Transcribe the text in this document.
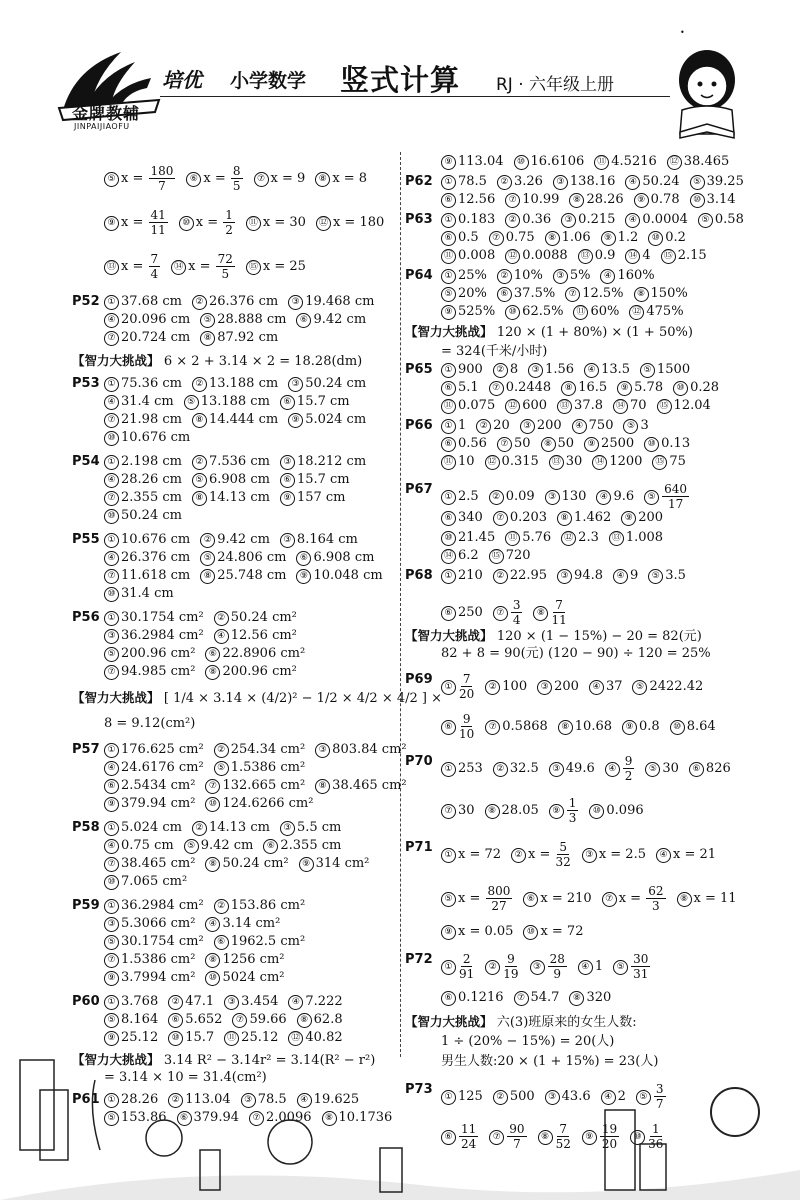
•
金牌教辅
JINPAIJIAOFU
培优 小学数学 竖式计算 RJ · 六年级上册
⑤ $x = \frac{180}{7}$ ⑥ $x = \frac{8}{5}$ ⑦ x = 9 ⑧ x = 8
⑨ $x = \frac{41}{11}$ ⑩ $x = \frac{1}{2}$ ⑪ x = 30 ⑫ x = 180
⑬ $x = \frac{7}{4}$ ⑭ $x = \frac{72}{5}$ ⑮ x = 25
P52 ① 37.68 cm ② 26.376 cm ③ 19.468 cm
④ 20.096 cm ⑤ 28.888 cm ⑥ 9.42 cm
⑦ 20.724 cm ⑧ 87.92 cm
【智力大挑战】 6 × 2 + 3.14 × 2 = 18.28(dm)
P53 ① 75.36 cm ② 13.188 cm ③ 50.24 cm
④ 31.4 cm ⑤ 13.188 cm ⑥ 15.7 cm
⑦ 21.98 cm ⑧ 14.444 cm ⑨ 5.024 cm
⑩ 10.676 cm
P54 ① 2.198 cm ② 7.536 cm ③ 18.212 cm
④ 28.26 cm ⑤ 6.908 cm ⑥ 15.7 cm
⑦ 2.355 cm ⑧ 14.13 cm ⑨ 157 cm
⑩ 50.24 cm
P55 ① 10.676 cm ② 9.42 cm ③ 8.164 cm
④ 26.376 cm ⑤ 24.806 cm ⑥ 6.908 cm
⑦ 11.618 cm ⑧ 25.748 cm ⑨ 10.048 cm
⑩ 31.4 cm
P56 ① 30.1754 cm² ② 50.24 cm²
③ 36.2984 cm² ④ 12.56 cm²
⑤ 200.96 cm² ⑥ 22.8906 cm²
⑦ 94.985 cm² ⑧ 200.96 cm²
【智力大挑战】 [ 1/4 × 3.14 × (4/2)² − 1/2 × 4/2 × 4/2 ] ×
8 = 9.12(cm²)
P57 ① 176.625 cm² ② 254.34 cm² ③ 803.84 cm²
④ 24.6176 cm² ⑤ 1.5386 cm²
⑥ 2.5434 cm² ⑦ 132.665 cm² ⑧ 38.465 cm²
⑨ 379.94 cm² ⑩ 124.6266 cm²
P58 ① 5.024 cm ② 14.13 cm ③ 5.5 cm
④ 0.75 cm ⑤ 9.42 cm ⑥ 2.355 cm
⑦ 38.465 cm² ⑧ 50.24 cm² ⑨ 314 cm²
⑩ 7.065 cm²
P59 ① 36.2984 cm² ② 153.86 cm²
③ 5.3066 cm² ④ 3.14 cm²
⑤ 30.1754 cm² ⑥ 1962.5 cm²
⑦ 1.5386 cm² ⑧ 1256 cm²
⑨ 3.7994 cm² ⑩ 5024 cm²
P60 ① 3.768 ② 47.1 ③ 3.454 ④ 7.222
⑤ 8.164 ⑥ 5.652 ⑦ 59.66 ⑧ 62.8
⑨ 25.12 ⑩ 15.7 ⑪ 25.12 ⑫ 40.82
【智力大挑战】 3.14 R² − 3.14r² = 3.14(R² − r²)
= 3.14 × 10 = 31.4(cm²)
P61 ① 28.26 ② 113.04 ③ 78.5 ④ 19.625
⑤ 153.86 ⑥ 379.94 ⑦ 2.0096 ⑧ 10.1736
⑨ 113.04 ⑩ 16.6106 ⑪ 4.5216 ⑫ 38.465
P62 ① 78.5 ② 3.26 ③ 138.16 ④ 50.24 ⑤ 39.25
⑥ 12.56 ⑦ 10.99 ⑧ 28.26 ⑨ 0.78 ⑩ 3.14
P63 ① 0.183 ② 0.36 ③ 0.215 ④ 0.0004 ⑤ 0.58
⑥ 0.5 ⑦ 0.75 ⑧ 1.06 ⑨ 1.2 ⑩ 0.2
⑪ 0.008 ⑫ 0.0088 ⑬ 0.9 ⑭ 4 ⑮ 2.15
P64 ① 25% ② 10% ③ 5% ④ 160%
⑤ 20% ⑥ 37.5% ⑦ 12.5% ⑧ 150%
⑨ 525% ⑩ 62.5% ⑪ 60% ⑫ 475%
【智力大挑战】 120 × (1 + 80%) × (1 + 50%)
= 324(千米/小时)
P65 ① 900 ② 8 ③ 1.56 ④ 13.5 ⑤ 1500
⑥ 5.1 ⑦ 0.2448 ⑧ 16.5 ⑨ 5.78 ⑩ 0.28
⑪ 0.075 ⑫ 600 ⑬ 37.8 ⑭ 70 ⑮ 12.04
P66 ① 1 ② 20 ③ 200 ④ 750 ⑤ 3
⑥ 0.56 ⑦ 50 ⑧ 50 ⑨ 2500 ⑩ 0.13
⑪ 10 ⑫ 0.315 ⑬ 30 ⑭ 1200 ⑮ 75
P67 ① 2.5 ② 0.09 ③ 130 ④ 9.6 ⑤ $\frac{640}{17}$
⑥ 340 ⑦ 0.203 ⑧ 1.462 ⑨ 200
⑩ 21.45 ⑪ 5.76 ⑫ 2.3 ⑬ 1.008
⑭ 6.2 ⑮ 720
P68 ① 210 ② 22.95 ③ 94.8 ④ 9 ⑤ 3.5
⑥ 250 ⑦ $\frac{3}{4}$ ⑧ $\frac{7}{11}$
【智力大挑战】 120 × (1 − 15%) − 20 = 82(元)
82 + 8 = 90(元) (120 − 90) ÷ 120 = 25%
P69 ① $\frac{7}{20}$ ② 100 ③ 200 ④ 37 ⑤ 2422.42
⑥ $\frac{9}{10}$ ⑦ 0.5868 ⑧ 10.68 ⑨ 0.8 ⑩ 8.64
P70 ① 253 ② 32.5 ③ 49.6 ④ $\frac{9}{2}$ ⑤ 30 ⑥ 826
⑦ 30 ⑧ 28.05 ⑨ $\frac{1}{3}$ ⑩ 0.096
P71 ① x = 72 ② $x = \frac{5}{32}$ ③ x = 2.5 ④ x = 21
⑤ $x = \frac{800}{27}$ ⑥ x = 210 ⑦ $x = \frac{62}{3}$ ⑧ x = 11
⑨ x = 0.05 ⑩ x = 72
P72 ① $\frac{2}{91}$ ② $\frac{9}{19}$ ③ $\frac{28}{9}$ ④ 1 ⑤ $\frac{30}{31}$
⑥ 0.1216 ⑦ 54.7 ⑧ 320
【智力大挑战】 六(3)班原来的女生人数:
1 ÷ (20% − 15%) = 20(人)
男生人数:20 × (1 + 15%) = 23(人)
P73 ① 125 ② 500 ③ 43.6 ④ 2 ⑤ $\frac{3}{7}$
⑥ $\frac{11}{24}$ ⑦ $\frac{90}{7}$ ⑧ $\frac{7}{52}$ ⑨ $\frac{19}{20}$ ⑩ $\frac{1}{36}$
